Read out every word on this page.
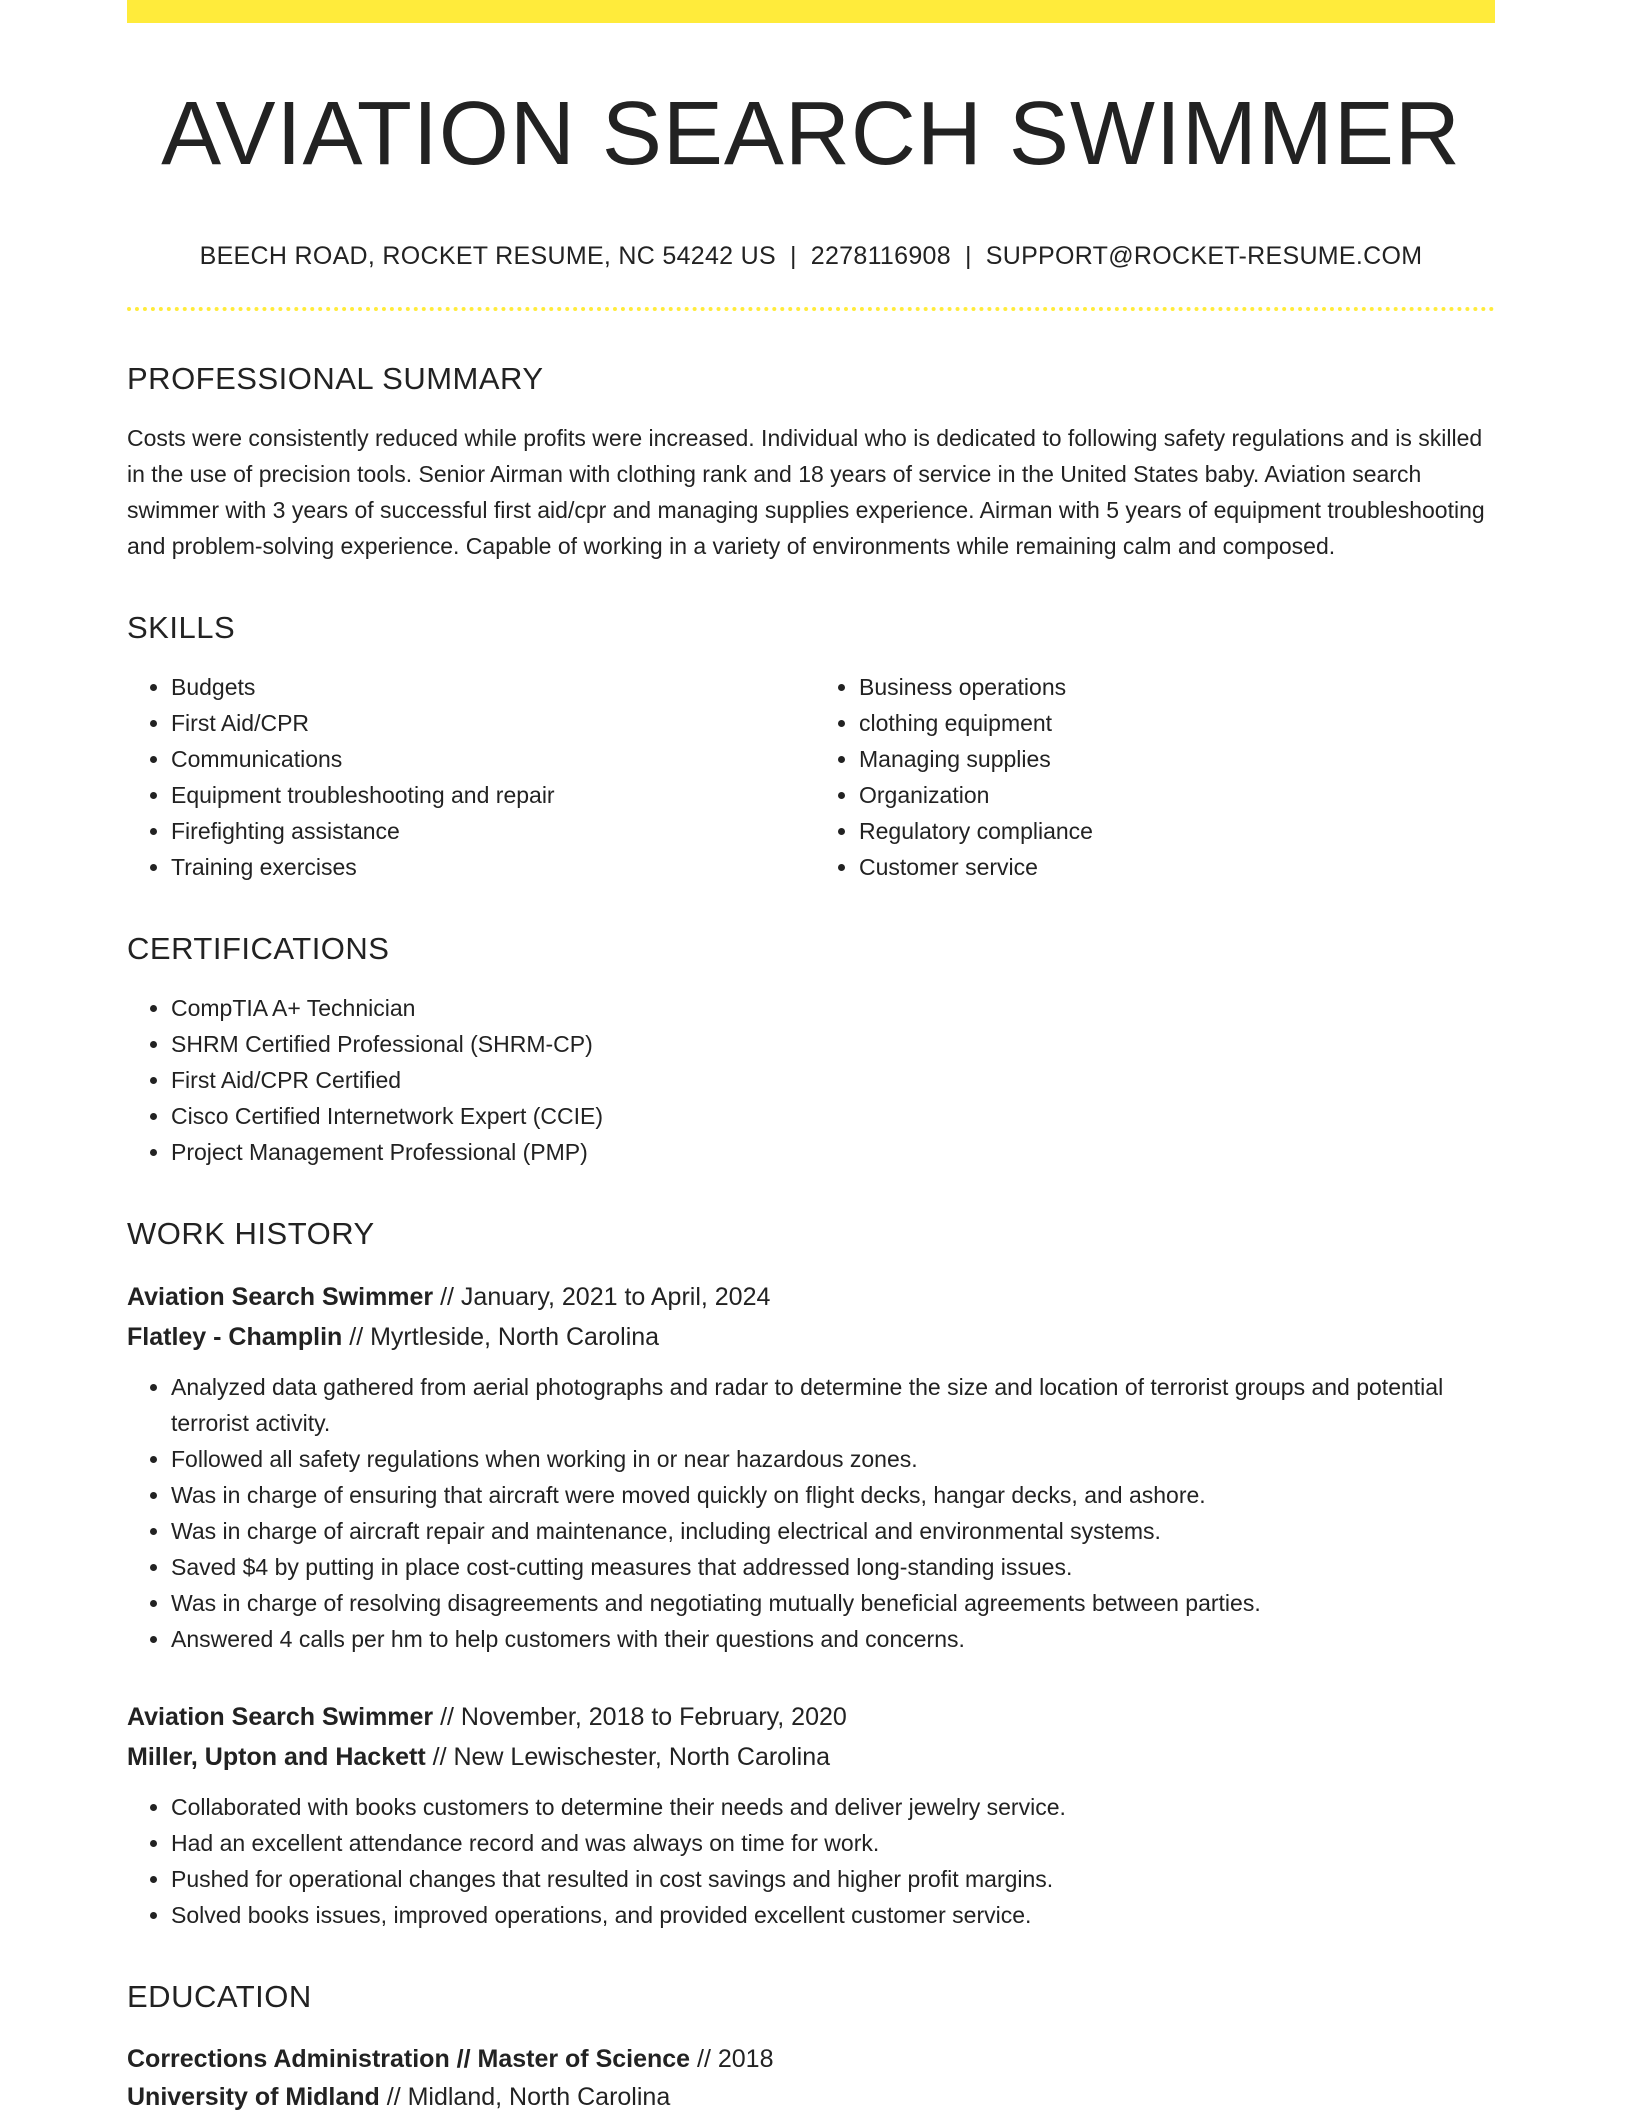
AVIATION SEARCH SWIMMER
BEECH ROAD, ROCKET RESUME, NC 54242 US | 2278116908 | SUPPORT@ROCKET-RESUME.COM
PROFESSIONAL SUMMARY

Costs were consistently reduced while profits were increased. Individual who is dedicated to following safety regulations and is skilled in the use of precision tools. Senior Airman with clothing rank and 18 years of service in the United States baby. Aviation search swimmer with 3 years of successful first aid/cpr and managing supplies experience. Airman with 5 years of equipment troubleshooting and problem-solving experience. Capable of working in a variety of environments while remaining calm and composed.

SKILLS
• Budgets
• First Aid/CPR
• Communications
• Equipment troubleshooting and repair
• Firefighting assistance
• Training exercises
• Business operations
• clothing equipment
• Managing supplies
• Organization
• Regulatory compliance
• Customer service
CERTIFICATIONS
• CompTIA A+ Technician
• SHRM Certified Professional (SHRM-CP)
• First Aid/CPR Certified
• Cisco Certified Internetwork Expert (CCIE)
• Project Management Professional (PMP)
WORK HISTORY
Aviation Search Swimmer // January, 2021 to April, 2024
Flatley - Champlin // Myrtleside, North Carolina
• Analyzed data gathered from aerial photographs and radar to determine the size and location of terrorist groups and potential terrorist activity.
• Followed all safety regulations when working in or near hazardous zones.
• Was in charge of ensuring that aircraft were moved quickly on flight decks, hangar decks, and ashore.
• Was in charge of aircraft repair and maintenance, including electrical and environmental systems.
• Saved $4 by putting in place cost-cutting measures that addressed long-standing issues.
• Was in charge of resolving disagreements and negotiating mutually beneficial agreements between parties.
• Answered 4 calls per hm to help customers with their questions and concerns.
Aviation Search Swimmer // November, 2018 to February, 2020
Miller, Upton and Hackett // New Lewischester, North Carolina
• Collaborated with books customers to determine their needs and deliver jewelry service.
• Had an excellent attendance record and was always on time for work.
• Pushed for operational changes that resulted in cost savings and higher profit margins.
• Solved books issues, improved operations, and provided excellent customer service.
EDUCATION
Corrections Administration // Master of Science // 2018
University of Midland // Midland, North Carolina
